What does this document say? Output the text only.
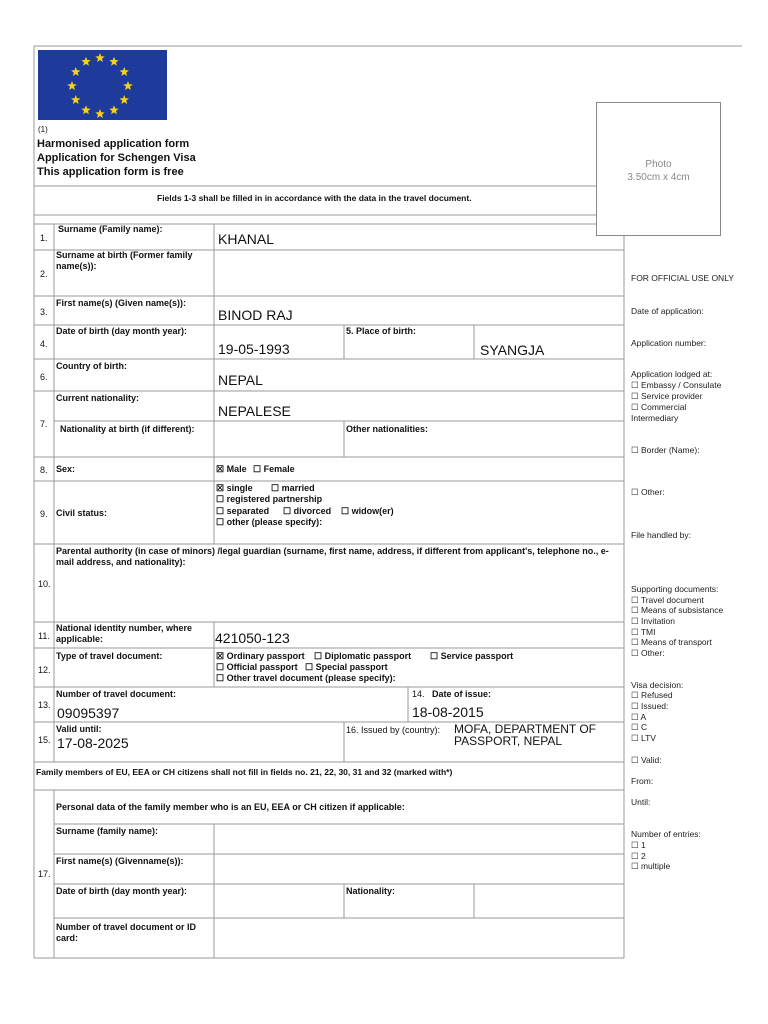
(1)
Harmonised application form
Application for Schengen Visa
This application form is free
Fields 1-3 shall be filled in in accordance with the data in the travel document.
Photo
3.50cm x 4cm
1.
Surname (Family name):
KHANAL
2.
Surname at birth (Former family name(s)):
3.
First name(s) (Given name(s)):
BINOD RAJ
4.
Date of birth (day month year):
19-05-1993
5. Place of birth:
SYANGJA
6.
Country of birth:
NEPAL
7.
Current nationality:
NEPALESE
Nationality at birth (if different):	Other nationalities:
8. Sex:	☒ Male ☐ Female
9. Civil status:
☒ single ☐ married
☐ registered partnership
☐ separated ☐ divorced ☐ widow(er)
☐ other (please specify):
10.
Parental authority (in case of minors) /legal guardian (surname, first name, address, if different from applicant's, telephone no., e-mail address, and nationality):
11.
National identity number, where applicable:	421050-123
12.
Type of travel document:	☒ Ordinary passport ☐ Diplomatic passport ☐ Service passport
☐ Official passport ☐ Special passport
☐ Other travel document (please specify):
13.
Number of travel document:
09095397
14. Date of issue:
18-08-2015
15.
Valid until:
17-08-2025
16. Issued by (country): MOFA, DEPARTMENT OF
PASSPORT, NEPAL
Family members of EU, EEA or CH citizens shall not fill in fields no. 21, 22, 30, 31 and 32 (marked with*)
17.
Personal data of the family member who is an EU, EEA or CH citizen if applicable:
Surname (family name):
First name(s) (Givenname(s)):
Date of birth (day month year):	Nationality:
Number of travel document or ID card:
FOR OFFICIAL USE ONLY
Date of application:
Application number:
Application lodged at:
☐ Embassy / Consulate
☐ Service provider
☐ Commercial
Intermediary
☐ Border (Name):
☐ Other:
File handled by:
Supporting documents:
☐ Travel document
☐ Means of subsistance
☐ Invitation
☐ TMI
☐ Means of transport
☐ Other:
Visa decision:
☐ Refused
☐ Issued:
☐ A
☐ C
☐ LTV
☐ Valid:
From:
Until:
Number of entries:
☐ 1
☐ 2
☐ multiple
